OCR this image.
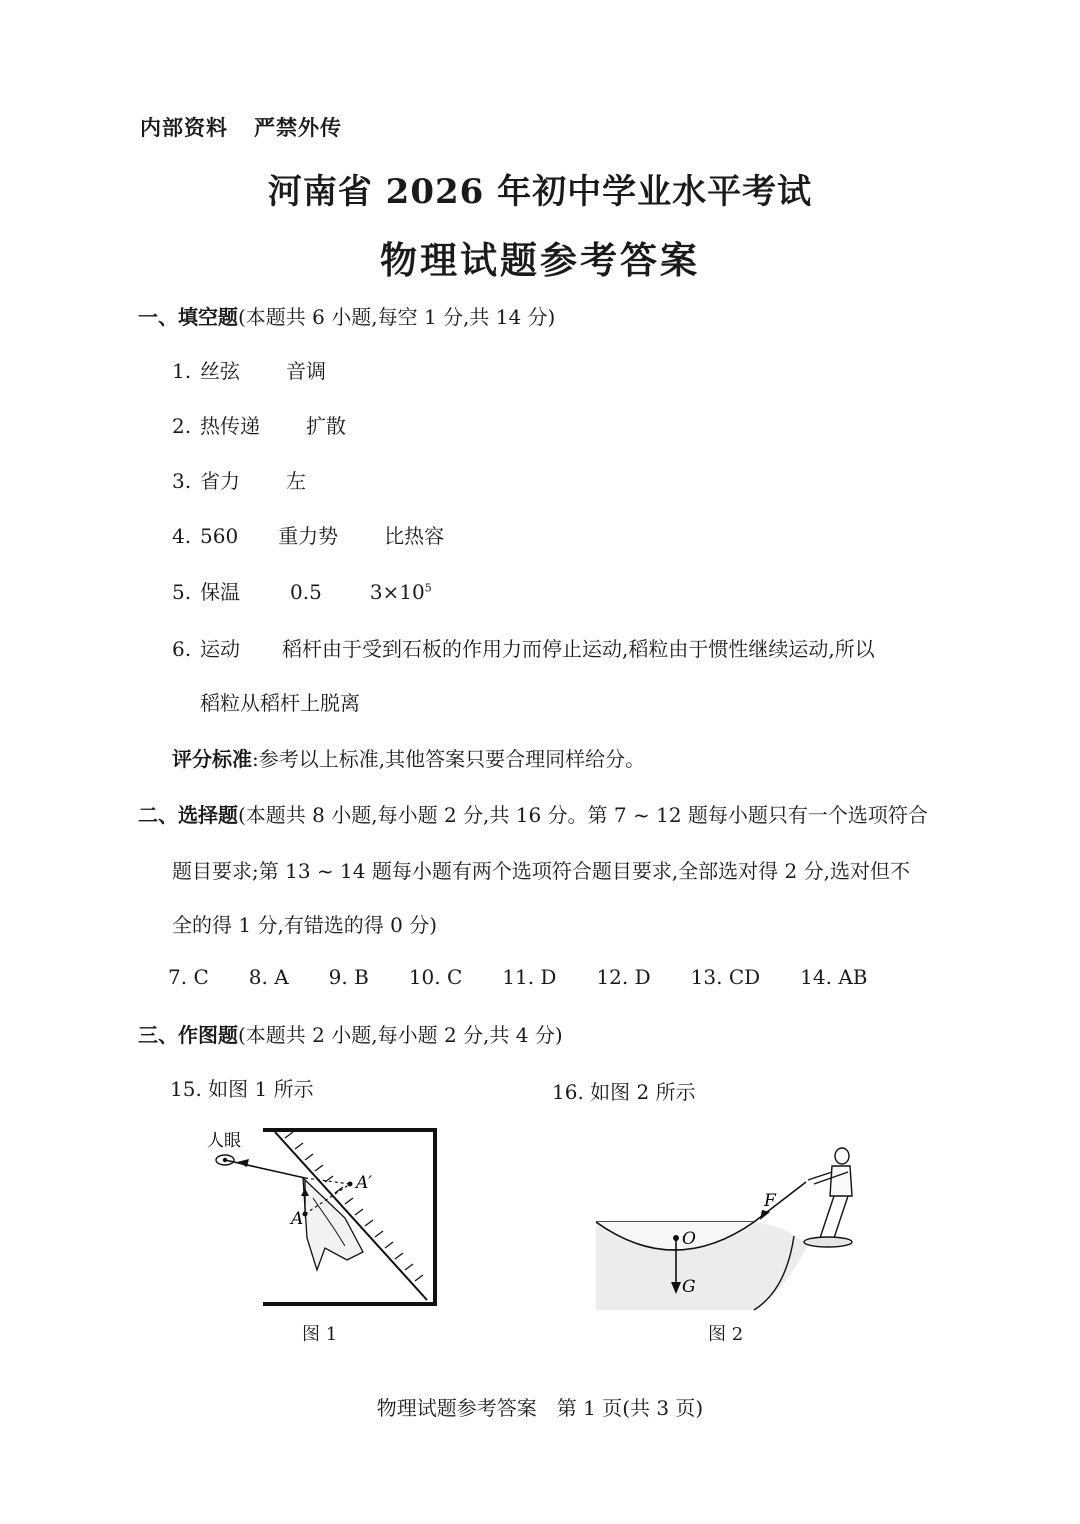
内部资料 严禁外传
河南省 2026 年初中学业水平考试
物理试题参考答案
一、填空题(本题共 6 小题,每空 1 分,共 14 分)
1. 丝弦 音调
2. 热传递 扩散
3. 省力 左
4. 560 重力势 比热容
5. 保温	0.5 $3\times 10^5$
6. 运动 稻杆由于受到石板的作用力而停止运动,稻粒由于惯性继续运动,所以
稻粒从稻杆上脱离
评分标准:参考以上标准,其他答案只要合理同样给分。
二、选择题(本题共 8 小题,每小题 2 分,共 16 分。第 7 ~ 12 题每小题只有一个选项符合
题目要求;第 13 ~ 14 题每小题有两个选项符合题目要求,全部选对得 2 分,选对但不
全的得 1 分,有错选的得 0 分)
7. C 8. A 9. B 10. C 11. D 12. D 13. CD 14. AB
三、作图题(本题共 2 小题,每小题 2 分,共 4 分)
15. 如图 1 所示	16. 如图 2 所示
人眼
A′
A
图 1
F
O
G
图 2
物理试题参考答案　第 1 页(共 3 页)
